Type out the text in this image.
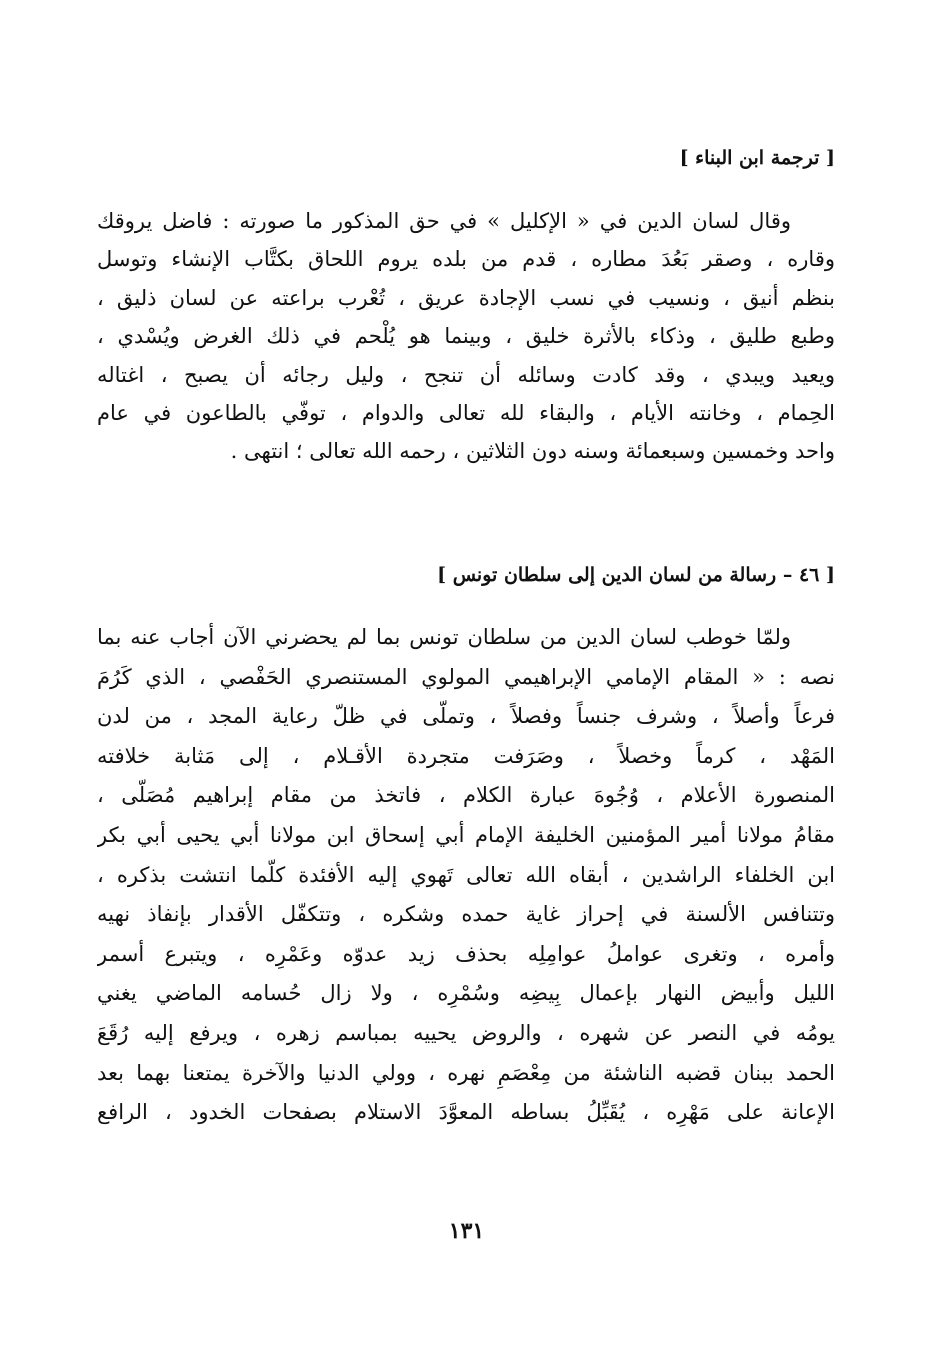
[ ترجمة ابن البناء ]
وقال لسان الدين في « الإكليل » في حق المذكور ما صورته : فاضل يروقك
وقاره ، وصقر بَعُدَ مطاره ، قدم من بلده يروم اللحاق بكتَّاب الإنشاء وتوسل
بنظم أنيق ، ونسيب في نسب الإجادة عريق ، تُعْرب براعته عن لسان ذليق ،
وطبع طليق ، وذكاء بالأثرة خليق ، وبينما هو يُلْحم في ذلك الغرض ويُسْدي ،
ويعيد ويبدي ، وقد كادت وسائله أن تنجح ، وليل رجائه أن يصبح ، اغتاله
الحِمام ، وخانته الأيام ، والبقاء لله تعالى والدوام ، توفّي بالطاعون في عام
واحد وخمسين وسبعمائة وسنه دون الثلاثين ، رحمه الله تعالى ؛ انتهى .
[ ٤٦ – رسالة من لسان الدين إلى سلطان تونس ]
ولمّا خوطب لسان الدين من سلطان تونس بما لم يحضرني الآن أجاب عنه بما
نصه : « المقام الإمامي الإبراهيمي المولوي المستنصري الحَفْصي ، الذي كَرُمَ
فرعاً وأصلاً ، وشرف جنساً وفصلاً ، وتملّى في ظلّ رعاية المجد ، من لدن
المَهْد ، كرماً وخصلاً ، وصَرَفت متجردة الأقـلام ، إلى مَثابة خلافته
المنصورة الأعلام ، وُجُوهَ عبارة الكلام ، فاتخذ من مقام إبراهيم مُصَلّى ،
مقامُ مولانا أمير المؤمنين الخليفة الإمام أبي إسحاق ابن مولانا أبي يحيى أبي بكر
ابن الخلفاء الراشدين ، أبقاه الله تعالى تَهوي إليه الأفئدة كلّما انتشت بذكره ،
وتتنافس الألسنة في إحراز غاية حمده وشكره ، وتتكفّل الأقدار بإنفاذ نهيه
وأمره ، وتغرى عواملُ عوامِلِه بحذف زيد عدوّه وعَمْرِه ، ويتبرع أسمر
الليل وأبيض النهار بإعمال بِيضِه وسُمْرِه ، ولا زال حُسامه الماضي يغني
يومُه في النصر عن شهره ، والروض يحييه بمباسم زهره ، ويرفع إليه رُقَعَ
الحمد ببنان قضبه الناشئة من مِعْصَمِ نهره ، وولي الدنيا والآخرة يمتعنا بهما بعد
الإعانة على مَهْرِه ، يُقَبِّلُ بساطه المعوَّدَ الاستلام بصفحات الخدود ، الرافع
١٣١
